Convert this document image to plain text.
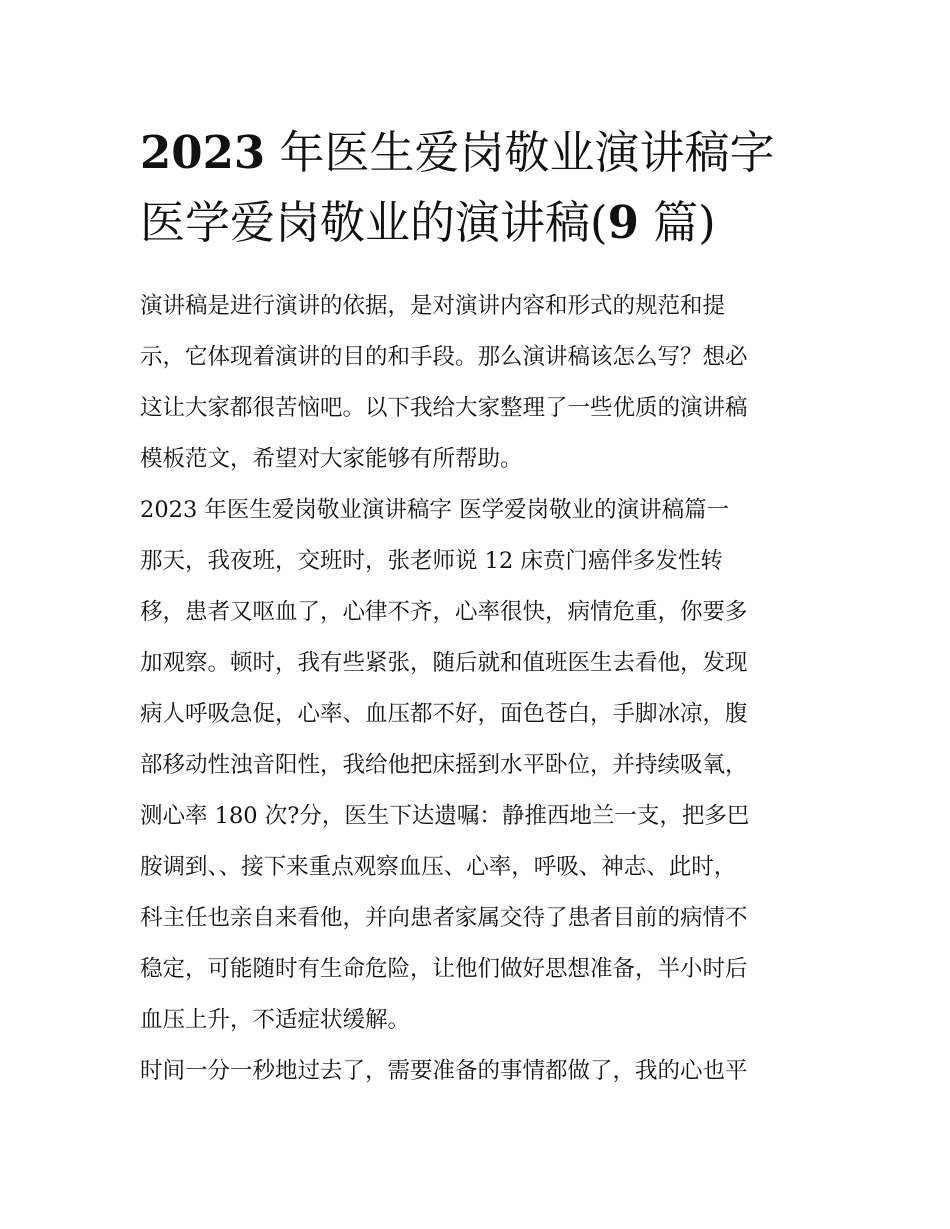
2023 年医生爱岗敬业演讲稿字
医学爱岗敬业的演讲稿(9 篇)
演讲稿是进行演讲的依据，是对演讲内容和形式的规范和提
示，它体现着演讲的目的和手段。那么演讲稿该怎么写？想必
这让大家都很苦恼吧。以下我给大家整理了一些优质的演讲稿
模板范文，希望对大家能够有所帮助。
2023 年医生爱岗敬业演讲稿字 医学爱岗敬业的演讲稿篇一
那天，我夜班，交班时，张老师说 12 床贲门癌伴多发性转
移，患者又呕血了，心律不齐，心率很快，病情危重，你要多
加观察。顿时，我有些紧张，随后就和值班医生去看他，发现
病人呼吸急促，心率、血压都不好，面色苍白，手脚冰凉，腹
部移动性浊音阳性，我给他把床摇到水平卧位，并持续吸氧，
测心率 180 次?分，医生下达遗嘱：静推西地兰一支，把多巴
胺调到、、接下来重点观察血压、心率，呼吸、神志、此时，
科主任也亲自来看他，并向患者家属交待了患者目前的病情不
稳定，可能随时有生命危险，让他们做好思想准备，半小时后
血压上升，不适症状缓解。
时间一分一秒地过去了，需要准备的事情都做了，我的心也平
